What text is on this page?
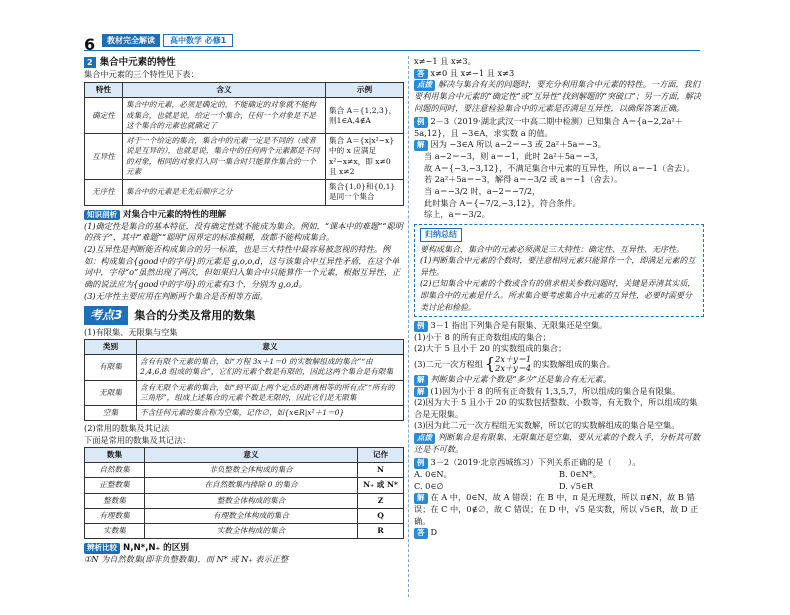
6	教材完全解读	高中数学 必修1
2 集合中元素的特性

集合中元素的三个特性见下表：

特性	含义	示例
确定性	集合中的元素，必须是确定的，不能确定的对象就不能构成集合，也就是说，给定一个集合，任何一个对象是不是这个集合的元素也就确定了	集合 A＝{1,2,3}，则1∈A,4∉A
互异性	对于一个给定的集合，集合中的元素一定是不同的（或者说是互异的），也就是说，集合中的任何两个元素都是不同的对象，相同的对象归入同一集合时只能算作集合的一个元素	集合 A＝{x|x²−x}中的 x 应满足 x²−x≠x，即 x≠0 且 x≠2
无序性	集合中的元素是无先后顺序之分	集合{1,0}和{0,1}是同一个集合
知识剖析 对集合中元素的特性的理解

(1)确定性是集合的基本特征，没有确定性就不能成为集合。例如，“课本中的难题”“聪明的孩子”，其中“难题”“聪明”因界定的标准模糊，故都不能构成集合。

(2)互异性是判断能否构成集合的另一标准，也是三大特性中最容易被忽视的特性。例如：构成集合{good中的字母}的元素是 g,o,o,d，这与该集合中互异性矛盾，在这个单词中，字母“o”虽然出现了两次，但如果归入集合中只能算作一个元素，根据互异性，正确的说法应为{good中的字母}的元素有3个，分别为 g,o,d。

(3)无序性主要应用在判断两个集合是否相等方面。

考点3	集合的分类及常用的数集

(1)有限集、无限集与空集

类别	意义
有限集	含有有限个元素的集合，如“方程 3x＋1＝0 的实数解组成的集合”“由 2,4,6,8 组成的集合”，它们的元素个数是有限的，因此这两个集合是有限集
无限集	含有无限个元素的集合，如“到平面上两个定点的距离相等的所有点”“所有的三角形”，组成上述集合的元素个数是无限的，因此它们是无限集
空集	不含任何元素的集合称为空集，记作∅，如{x∈R|x²＋1＝0}

(2)常用的数集及其记法

下面是常用的数集及其记法：

数集	意义	记作
自然数集	非负整数全体构成的集合	N
正整数集	在自然数集内排除 0 的集合	N₊ 或 N*
整数集	整数全体构成的集合	Z
有理数集	有理数全体构成的集合	Q
实数集	实数全体构成的集合	R
辨析比较 N,N*,N₊ 的区别

①N 为自然数集(即非负整数集)，而 N* 或 N₊ 表示正整

x≠−1 且 x≠3。

答 x≠0 且 x≠−1 且 x≠3

点拨 解决与集合有关的问题时，要充分利用集合中元素的特性。一方面，我们要利用集合中元素的“确定性”或“互异性”找到解题的“突破口”；另一方面，解决问题的同时，要注意检验集合中的元素是否满足互异性，以确保答案正确。

例 2－3（2019·湖北武汉一中高二期中检测）已知集合 A＝{a−2,2a²＋5a,12}，且 −3∈A，求实数 a 的值。

解 因为 −3∈A 所以 a−2＝−3 或 2a²＋5a＝−3。

当 a−2＝−3，则 a＝−1，此时 2a²＋5a＝−3，

故 A＝{−3,−3,12}，不满足集合中元素的互异性，所以 a＝−1（舍去）。

若 2a²＋5a＝−3，解得 a＝−3/2 或 a＝−1（舍去）。

当 a＝−3/2 时，a−2＝−7/2，

此时集合 A＝{−7/2,−3,12}，符合条件。

综上，a＝−3/2。

归纳总结

要构成集合，集合中的元素必须满足三大特性：确定性、互异性、无序性。

(1)判断集合中元素的个数时，要注意相同元素只能算作一个，即满足元素的互异性。

(2)已知集合中元素的个数或含有的值求相关参数问题时，关键是弄清其实质，即集合中的元素是什么。所求集合要考虑集合中元素的互异性，必要时需要分类讨论和检验。

例 3－1 指出下列集合是有限集、无限集还是空集。

(1)小于 8 的所有正奇数组成的集合；

(2)大于 5 且小于 20 的实数组成的集合；

(3)二元一次方程组 { 2x＋y＝1
2x＋y＝4 的实数解组成的集合。

解 判断集合中元素个数是“多少”还是集合有无元素。

解 (1)因为小于 8 的所有正奇数有 1,3,5,7，所以组成的集合是有限集。

(2)因为大于 5 且小于 20 的实数包括整数、小数等，有无数个，所以组成的集合是无限集。

(3)因为此二元一次方程组无实数解，所以它的实数解组成的集合是空集。

点拨 判断集合是有限集、无限集还是空集，要从元素的个数入手，分析其可数还是不可数。

例 3－2（2019·北京西城练习）下列关系正确的是（　　）。

A. 0∈N。	B. 0∈N*。
C. 0∈∅	D. √5∈R

解 在 A 中，0∈N，故 A 错误；在 B 中，π 是无理数，所以 π∉N，故 B 错误；在 C 中，0∉∅，故 C 错误；在 D 中，√5 是实数，所以 √5∈R，故 D 正确。

答 D
